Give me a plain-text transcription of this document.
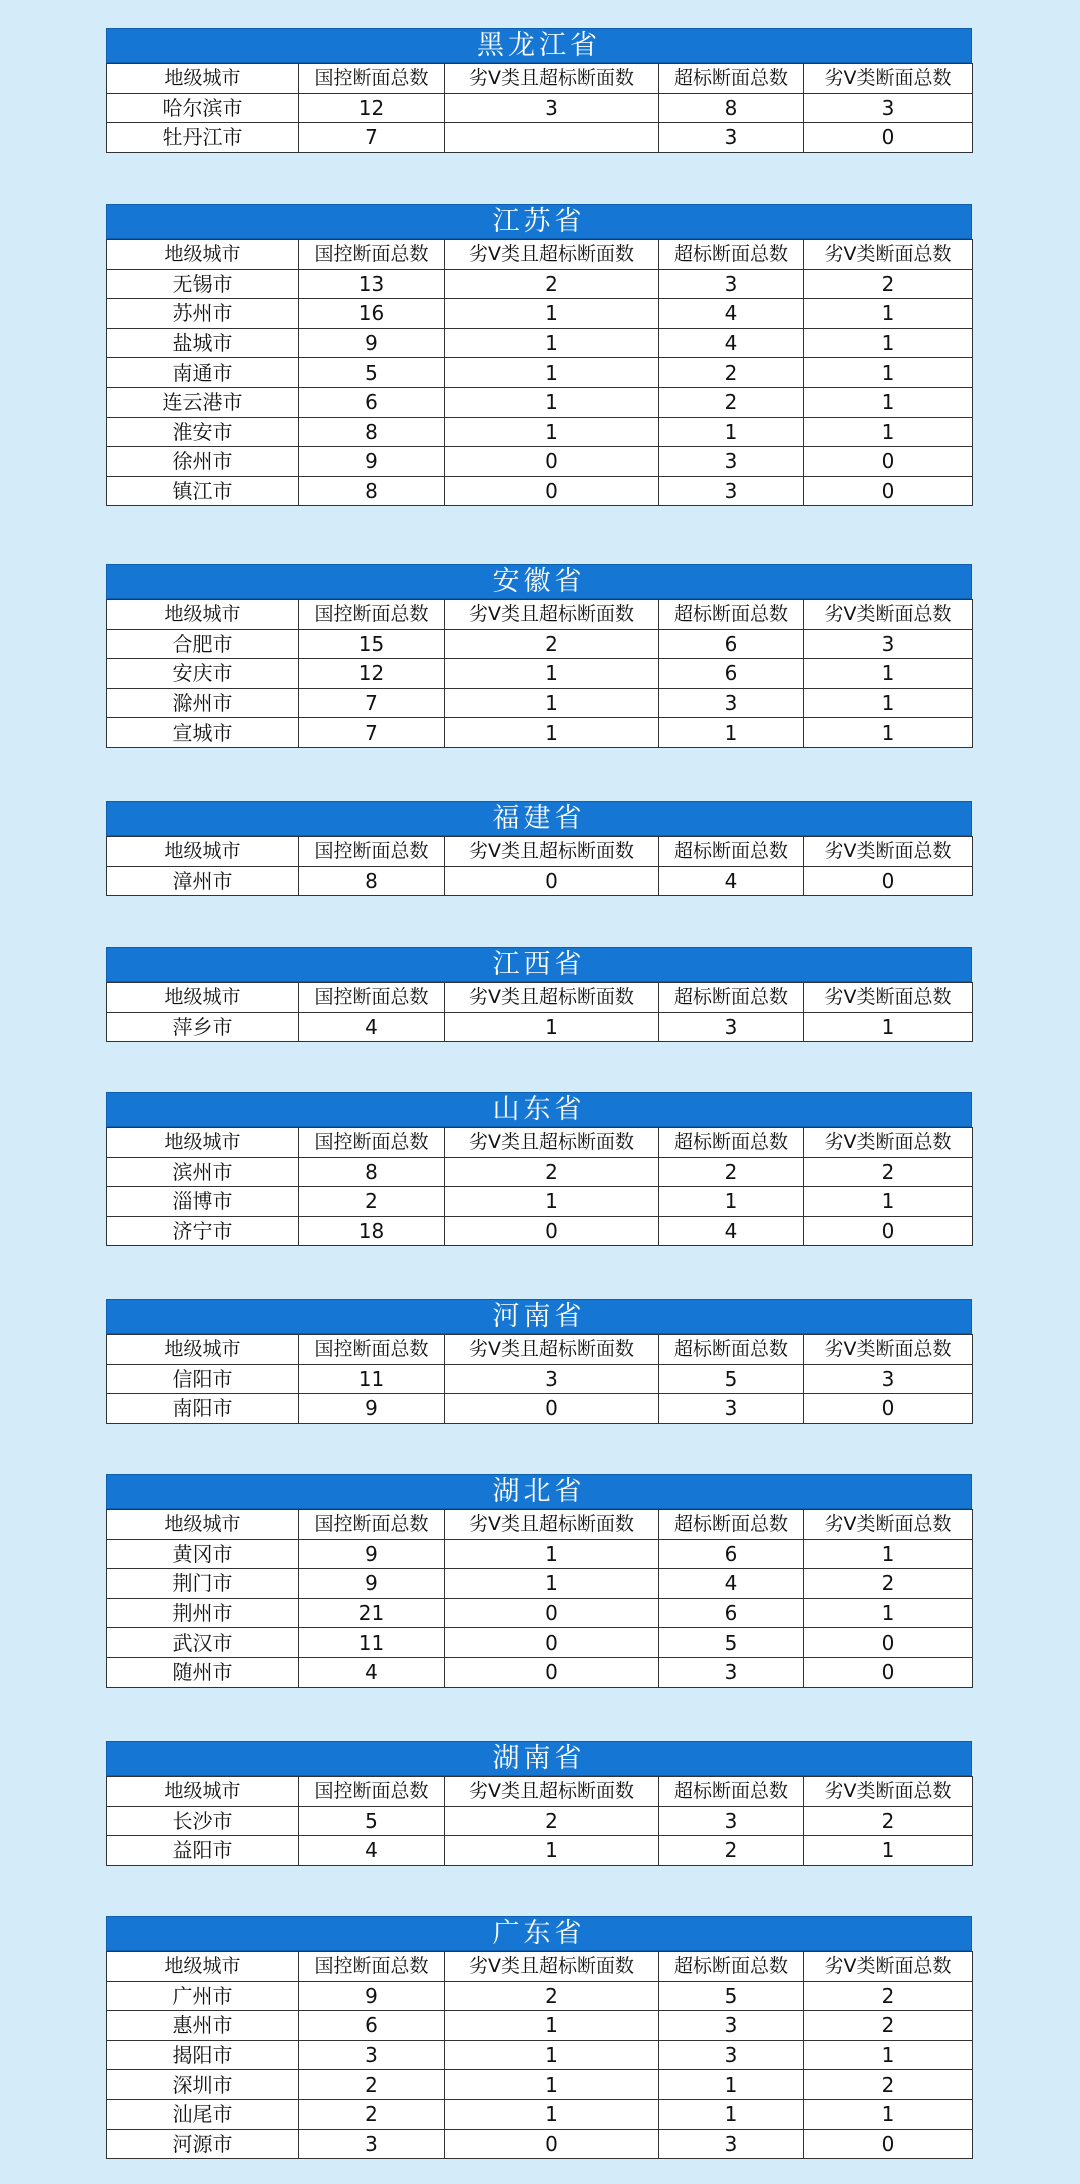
黑龙江省
地级城市	国控断面总数	劣Ⅴ类且超标断面数	超标断面总数	劣Ⅴ类断面总数
哈尔滨市	12	3	8	3
牡丹江市	7		3	0
江苏省
地级城市	国控断面总数	劣Ⅴ类且超标断面数	超标断面总数	劣Ⅴ类断面总数
无锡市	13	2	3	2
苏州市	16	1	4	1
盐城市	9	1	4	1
南通市	5	1	2	1
连云港市	6	1	2	1
淮安市	8	1	1	1
徐州市	9	0	3	0
镇江市	8	0	3	0
安徽省
地级城市	国控断面总数	劣Ⅴ类且超标断面数	超标断面总数	劣Ⅴ类断面总数
合肥市	15	2	6	3
安庆市	12	1	6	1
滁州市	7	1	3	1
宣城市	7	1	1	1
福建省
地级城市	国控断面总数	劣Ⅴ类且超标断面数	超标断面总数	劣Ⅴ类断面总数
漳州市	8	0	4	0
江西省
地级城市	国控断面总数	劣Ⅴ类且超标断面数	超标断面总数	劣Ⅴ类断面总数
萍乡市	4	1	3	1
山东省
地级城市	国控断面总数	劣Ⅴ类且超标断面数	超标断面总数	劣Ⅴ类断面总数
滨州市	8	2	2	2
淄博市	2	1	1	1
济宁市	18	0	4	0
河南省
地级城市	国控断面总数	劣Ⅴ类且超标断面数	超标断面总数	劣Ⅴ类断面总数
信阳市	11	3	5	3
南阳市	9	0	3	0
湖北省
地级城市	国控断面总数	劣Ⅴ类且超标断面数	超标断面总数	劣Ⅴ类断面总数
黄冈市	9	1	6	1
荆门市	9	1	4	2
荆州市	21	0	6	1
武汉市	11	0	5	0
随州市	4	0	3	0
湖南省
地级城市	国控断面总数	劣Ⅴ类且超标断面数	超标断面总数	劣Ⅴ类断面总数
长沙市	5	2	3	2
益阳市	4	1	2	1
广东省
地级城市	国控断面总数	劣Ⅴ类且超标断面数	超标断面总数	劣Ⅴ类断面总数
广州市	9	2	5	2
惠州市	6	1	3	2
揭阳市	3	1	3	1
深圳市	2	1	1	2
汕尾市	2	1	1	1
河源市	3	0	3	0
